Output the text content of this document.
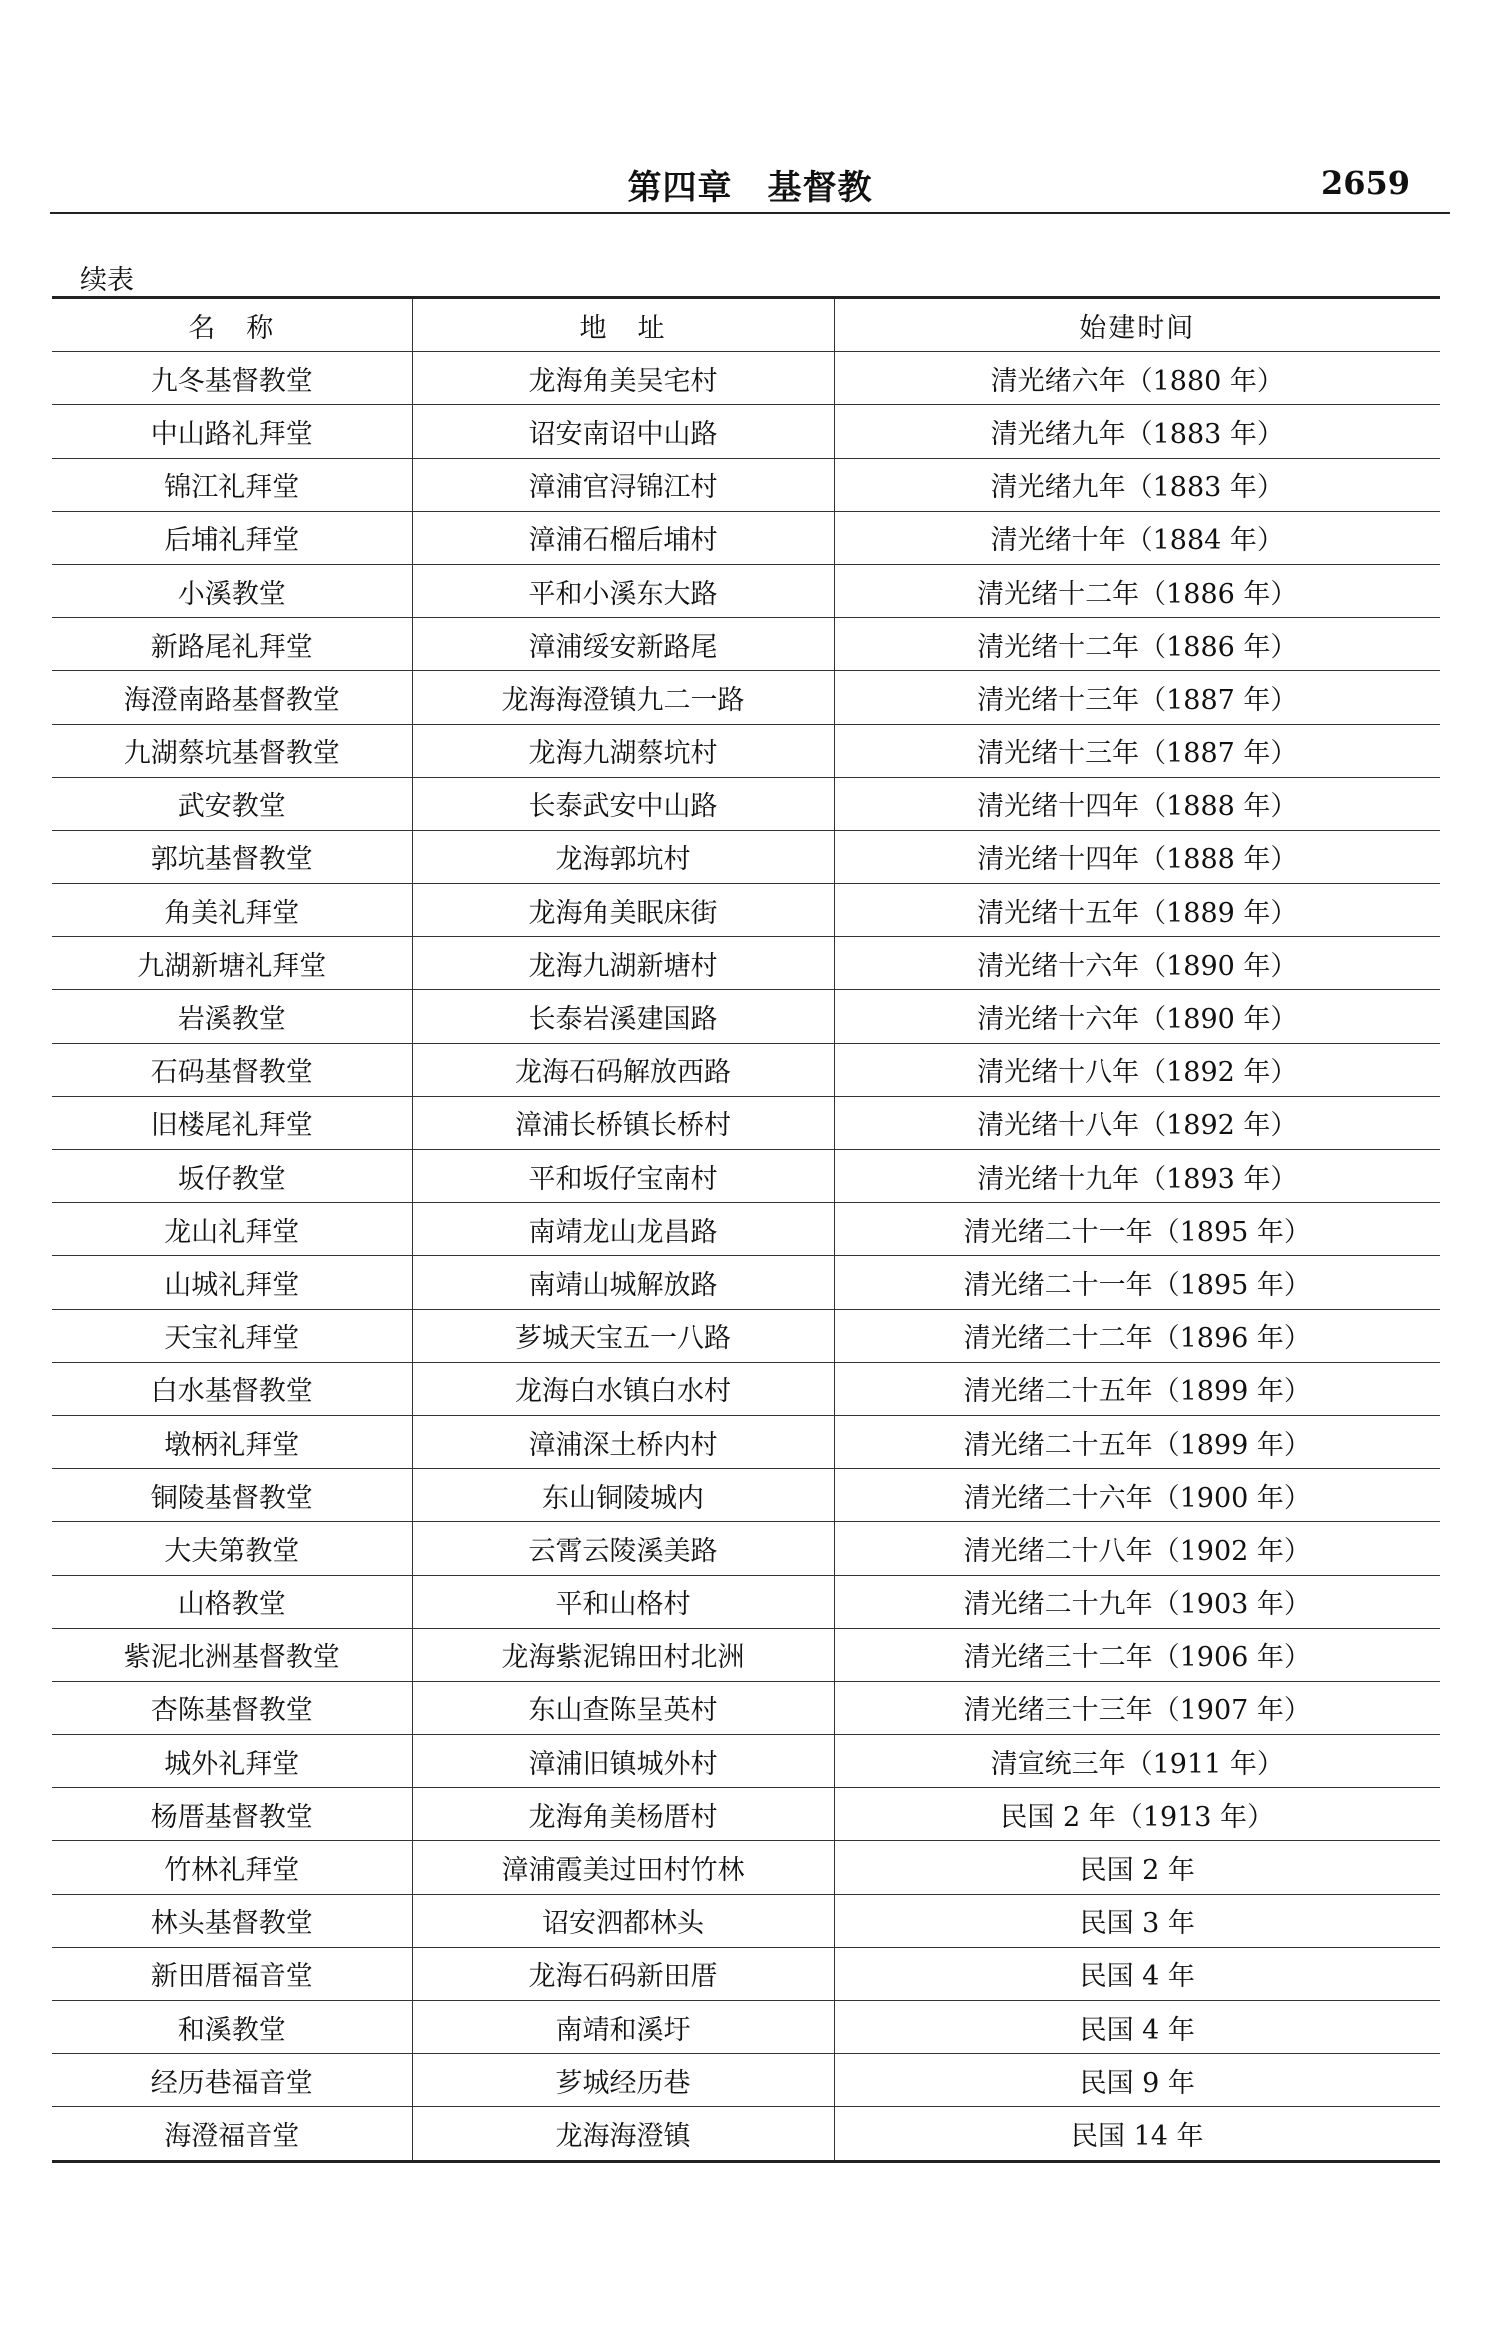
第四章　基督教	2659
续表
名　称	地　址	始建时间
九冬基督教堂	龙海角美吴宅村	清光绪六年（1880 年）
中山路礼拜堂	诏安南诏中山路	清光绪九年（1883 年）
锦江礼拜堂	漳浦官浔锦江村	清光绪九年（1883 年）
后埔礼拜堂	漳浦石榴后埔村	清光绪十年（1884 年）
小溪教堂	平和小溪东大路	清光绪十二年（1886 年）
新路尾礼拜堂	漳浦绥安新路尾	清光绪十二年（1886 年）
海澄南路基督教堂	龙海海澄镇九二一路	清光绪十三年（1887 年）
九湖蔡坑基督教堂	龙海九湖蔡坑村	清光绪十三年（1887 年）
武安教堂	长泰武安中山路	清光绪十四年（1888 年）
郭坑基督教堂	龙海郭坑村	清光绪十四年（1888 年）
角美礼拜堂	龙海角美眠床街	清光绪十五年（1889 年）
九湖新塘礼拜堂	龙海九湖新塘村	清光绪十六年（1890 年）
岩溪教堂	长泰岩溪建国路	清光绪十六年（1890 年）
石码基督教堂	龙海石码解放西路	清光绪十八年（1892 年）
旧楼尾礼拜堂	漳浦长桥镇长桥村	清光绪十八年（1892 年）
坂仔教堂	平和坂仔宝南村	清光绪十九年（1893 年）
龙山礼拜堂	南靖龙山龙昌路	清光绪二十一年（1895 年）
山城礼拜堂	南靖山城解放路	清光绪二十一年（1895 年）
天宝礼拜堂	芗城天宝五一八路	清光绪二十二年（1896 年）
白水基督教堂	龙海白水镇白水村	清光绪二十五年（1899 年）
墩柄礼拜堂	漳浦深土桥内村	清光绪二十五年（1899 年）
铜陵基督教堂	东山铜陵城内	清光绪二十六年（1900 年）
大夫第教堂	云霄云陵溪美路	清光绪二十八年（1902 年）
山格教堂	平和山格村	清光绪二十九年（1903 年）
紫泥北洲基督教堂	龙海紫泥锦田村北洲	清光绪三十二年（1906 年）
杏陈基督教堂	东山查陈呈英村	清光绪三十三年（1907 年）
城外礼拜堂	漳浦旧镇城外村	清宣统三年（1911 年）
杨厝基督教堂	龙海角美杨厝村	民国 2 年（1913 年）
竹林礼拜堂	漳浦霞美过田村竹林	民国 2 年
林头基督教堂	诏安泗都林头	民国 3 年
新田厝福音堂	龙海石码新田厝	民国 4 年
和溪教堂	南靖和溪圩	民国 4 年
经历巷福音堂	芗城经历巷	民国 9 年
海澄福音堂	龙海海澄镇	民国 14 年
